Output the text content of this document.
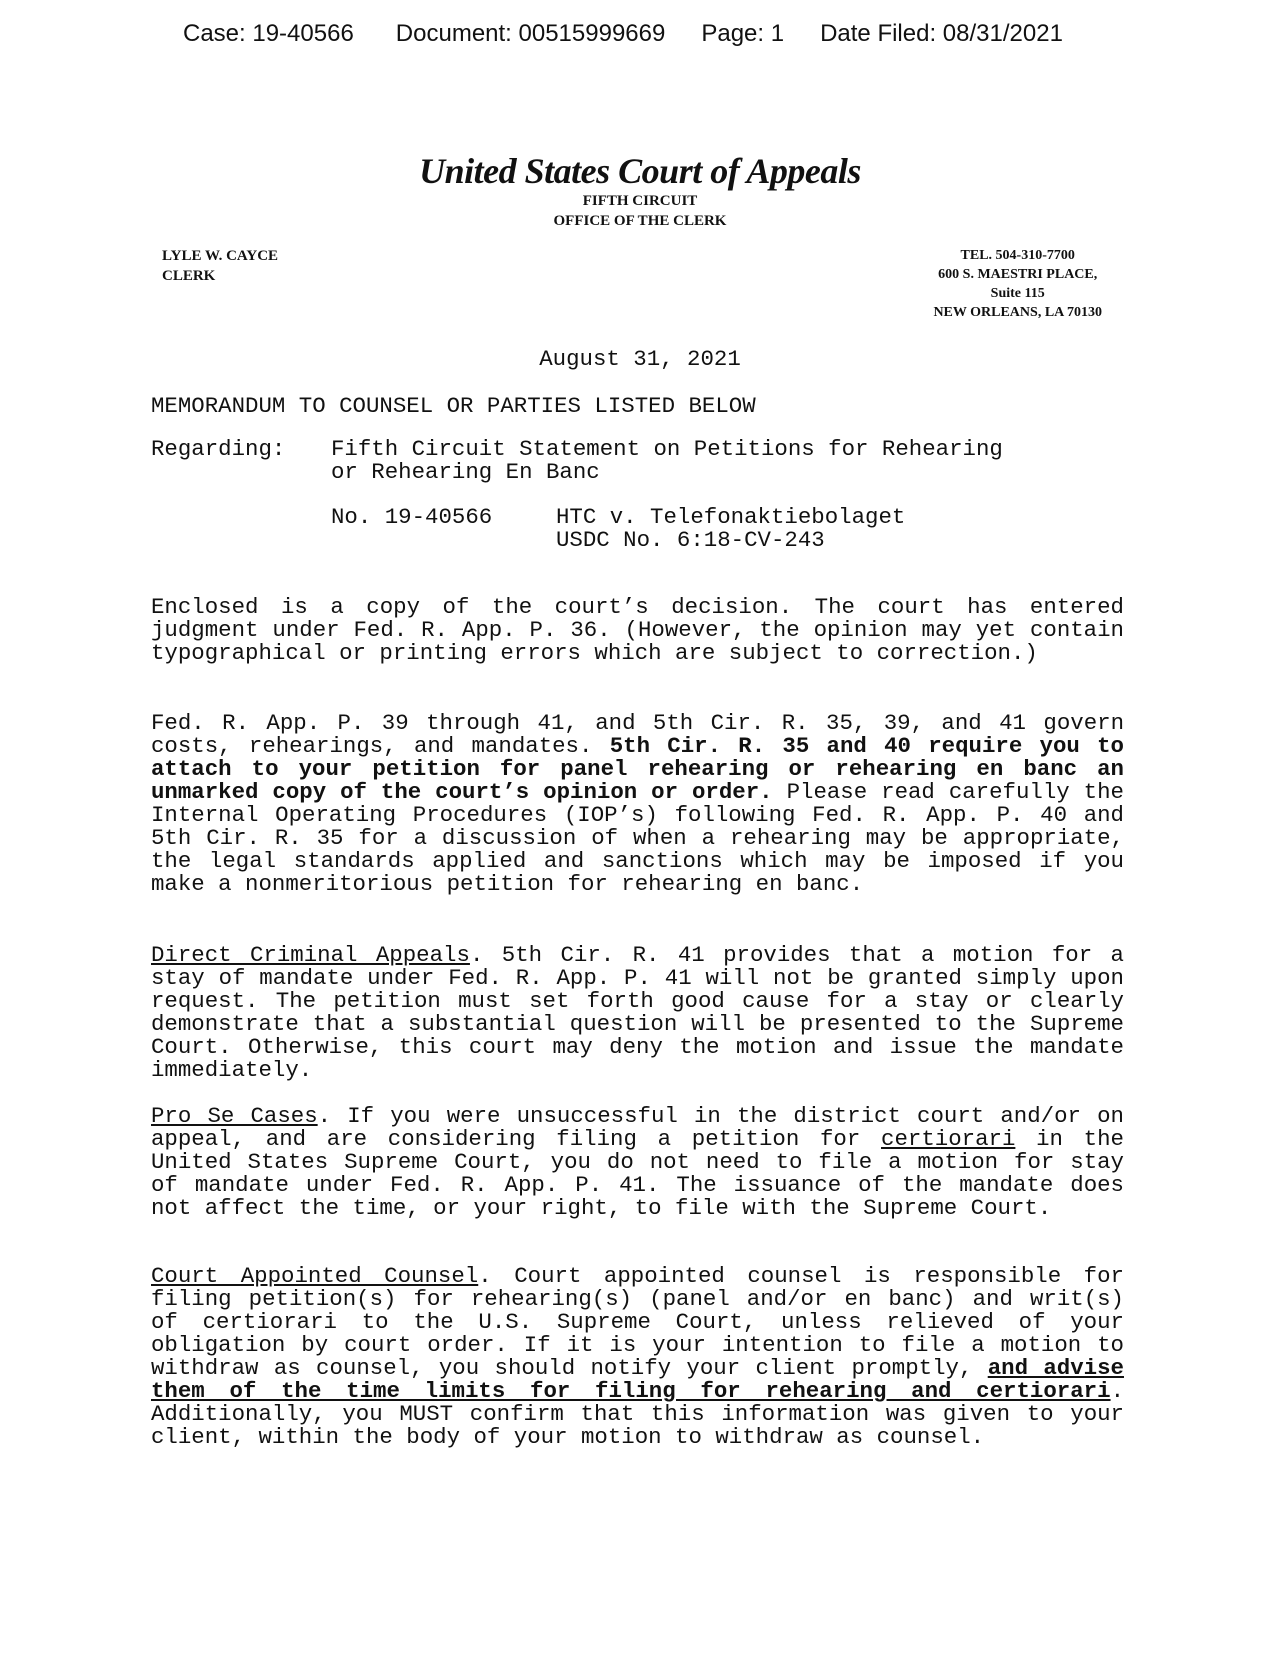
Case: 19-40566 Document: 00515999669 Page: 1 Date Filed: 08/31/2021
United States Court of Appeals
FIFTH CIRCUIT
OFFICE OF THE CLERK
LYLE W. CAYCE
CLERK
TEL. 504-310-7700
600 S. MAESTRI PLACE,
Suite 115
NEW ORLEANS, LA 70130
August 31, 2021
MEMORANDUM TO COUNSEL OR PARTIES LISTED BELOW
Regarding: Fifth Circuit Statement on Petitions for Rehearing
or Rehearing En Banc
No. 19-40566	HTC v. Telefonaktiebolaget
USDC No. 6:18-CV-243

Enclosed is a copy of the court’s decision. The court has entered judgment under Fed. R. App. P. 36. (However, the opinion may yet contain typographical or printing errors which are subject to correction.)

Fed. R. App. P. 39 through 41, and 5th Cir. R. 35, 39, and 41 govern costs, rehearings, and mandates. 5th Cir. R. 35 and 40 require you to attach to your petition for panel rehearing or rehearing en banc an unmarked copy of the court’s opinion or order. Please read carefully the Internal Operating Procedures (IOP’s) following Fed. R. App. P. 40 and 5th Cir. R. 35 for a discussion of when a rehearing may be appropriate, the legal standards applied and sanctions which may be imposed if you make a nonmeritorious petition for rehearing en banc.

Direct Criminal Appeals. 5th Cir. R. 41 provides that a motion for a stay of mandate under Fed. R. App. P. 41 will not be granted simply upon request. The petition must set forth good cause for a stay or clearly demonstrate that a substantial question will be presented to the Supreme Court. Otherwise, this court may deny the motion and issue the mandate immediately.

Pro Se Cases. If you were unsuccessful in the district court and/or on appeal, and are considering filing a petition for certiorari in the United States Supreme Court, you do not need to file a motion for stay of mandate under Fed. R. App. P. 41. The issuance of the mandate does not affect the time, or your right, to file with the Supreme Court.

Court Appointed Counsel. Court appointed counsel is responsible for filing petition(s) for rehearing(s) (panel and/or en banc) and writ(s) of certiorari to the U.S. Supreme Court, unless relieved of your obligation by court order. If it is your intention to file a motion to withdraw as counsel, you should notify your client promptly, and advise them of the time limits for filing for rehearing and certiorari. Additionally, you MUST confirm that this information was given to your client, within the body of your motion to withdraw as counsel.
